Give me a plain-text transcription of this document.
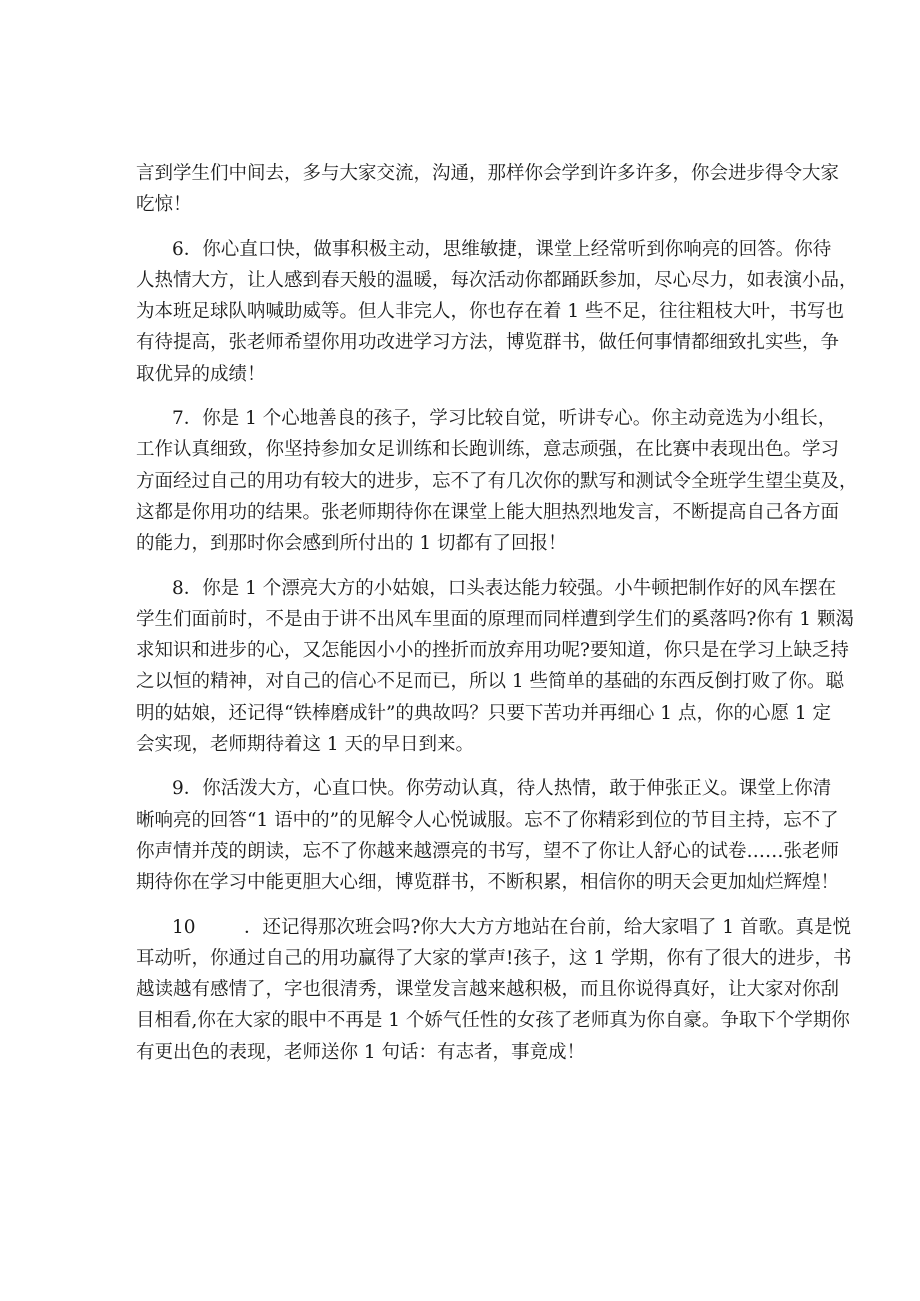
言到学生们中间去，多与大家交流，沟通，那样你会学到许多许多，你会进步得令大家
吃惊！
6．你心直口快，做事积极主动，思维敏捷，课堂上经常听到你响亮的回答。你待
人热情大方，让人感到春天般的温暖，每次活动你都踊跃参加，尽心尽力，如表演小品，
为本班足球队呐喊助威等。但人非完人，你也存在着 1 些不足，往往粗枝大叶，书写也
有待提高，张老师希望你用功改进学习方法，博览群书，做任何事情都细致扎实些，争
取优异的成绩！
7．你是 1 个心地善良的孩子，学习比较自觉，听讲专心。你主动竞选为小组长，
工作认真细致，你坚持参加女足训练和长跑训练，意志顽强，在比赛中表现出色。学习
方面经过自己的用功有较大的进步，忘不了有几次你的默写和测试令全班学生望尘莫及，
这都是你用功的结果。张老师期待你在课堂上能大胆热烈地发言，不断提高自己各方面
的能力，到那时你会感到所付出的 1 切都有了回报！
8．你是 1 个漂亮大方的小姑娘，口头表达能力较强。小牛顿把制作好的风车摆在
学生们面前时，不是由于讲不出风车里面的原理而同样遭到学生们的奚落吗?你有 1 颗渴
求知识和进步的心，又怎能因小小的挫折而放弃用功呢?要知道，你只是在学习上缺乏持
之以恒的精神，对自己的信心不足而已，所以 1 些简单的基础的东西反倒打败了你。聪
明的姑娘，还记得“铁棒磨成针”的典故吗？只要下苦功并再细心 1 点，你的心愿 1 定
会实现，老师期待着这 1 天的早日到来。
9．你活泼大方，心直口快。你劳动认真，待人热情，敢于伸张正义。课堂上你清
晰响亮的回答“1 语中的”的见解令人心悦诚服。忘不了你精彩到位的节目主持，忘不了
你声情并茂的朗读，忘不了你越来越漂亮的书写，望不了你让人舒心的试卷……张老师
期待你在学习中能更胆大心细，博览群书，不断积累，相信你的明天会更加灿烂辉煌！
10	．还记得那次班会吗?你大大方方地站在台前，给大家唱了 1 首歌。真是悦
耳动听，你通过自己的用功赢得了大家的掌声!孩子，这 1 学期，你有了很大的进步，书
越读越有感情了，字也很清秀，课堂发言越来越积极，而且你说得真好，让大家对你刮
目相看,你在大家的眼中不再是 1 个娇气任性的女孩了老师真为你自豪。争取下个学期你
有更出色的表现，老师送你 1 句话：有志者，事竟成！
